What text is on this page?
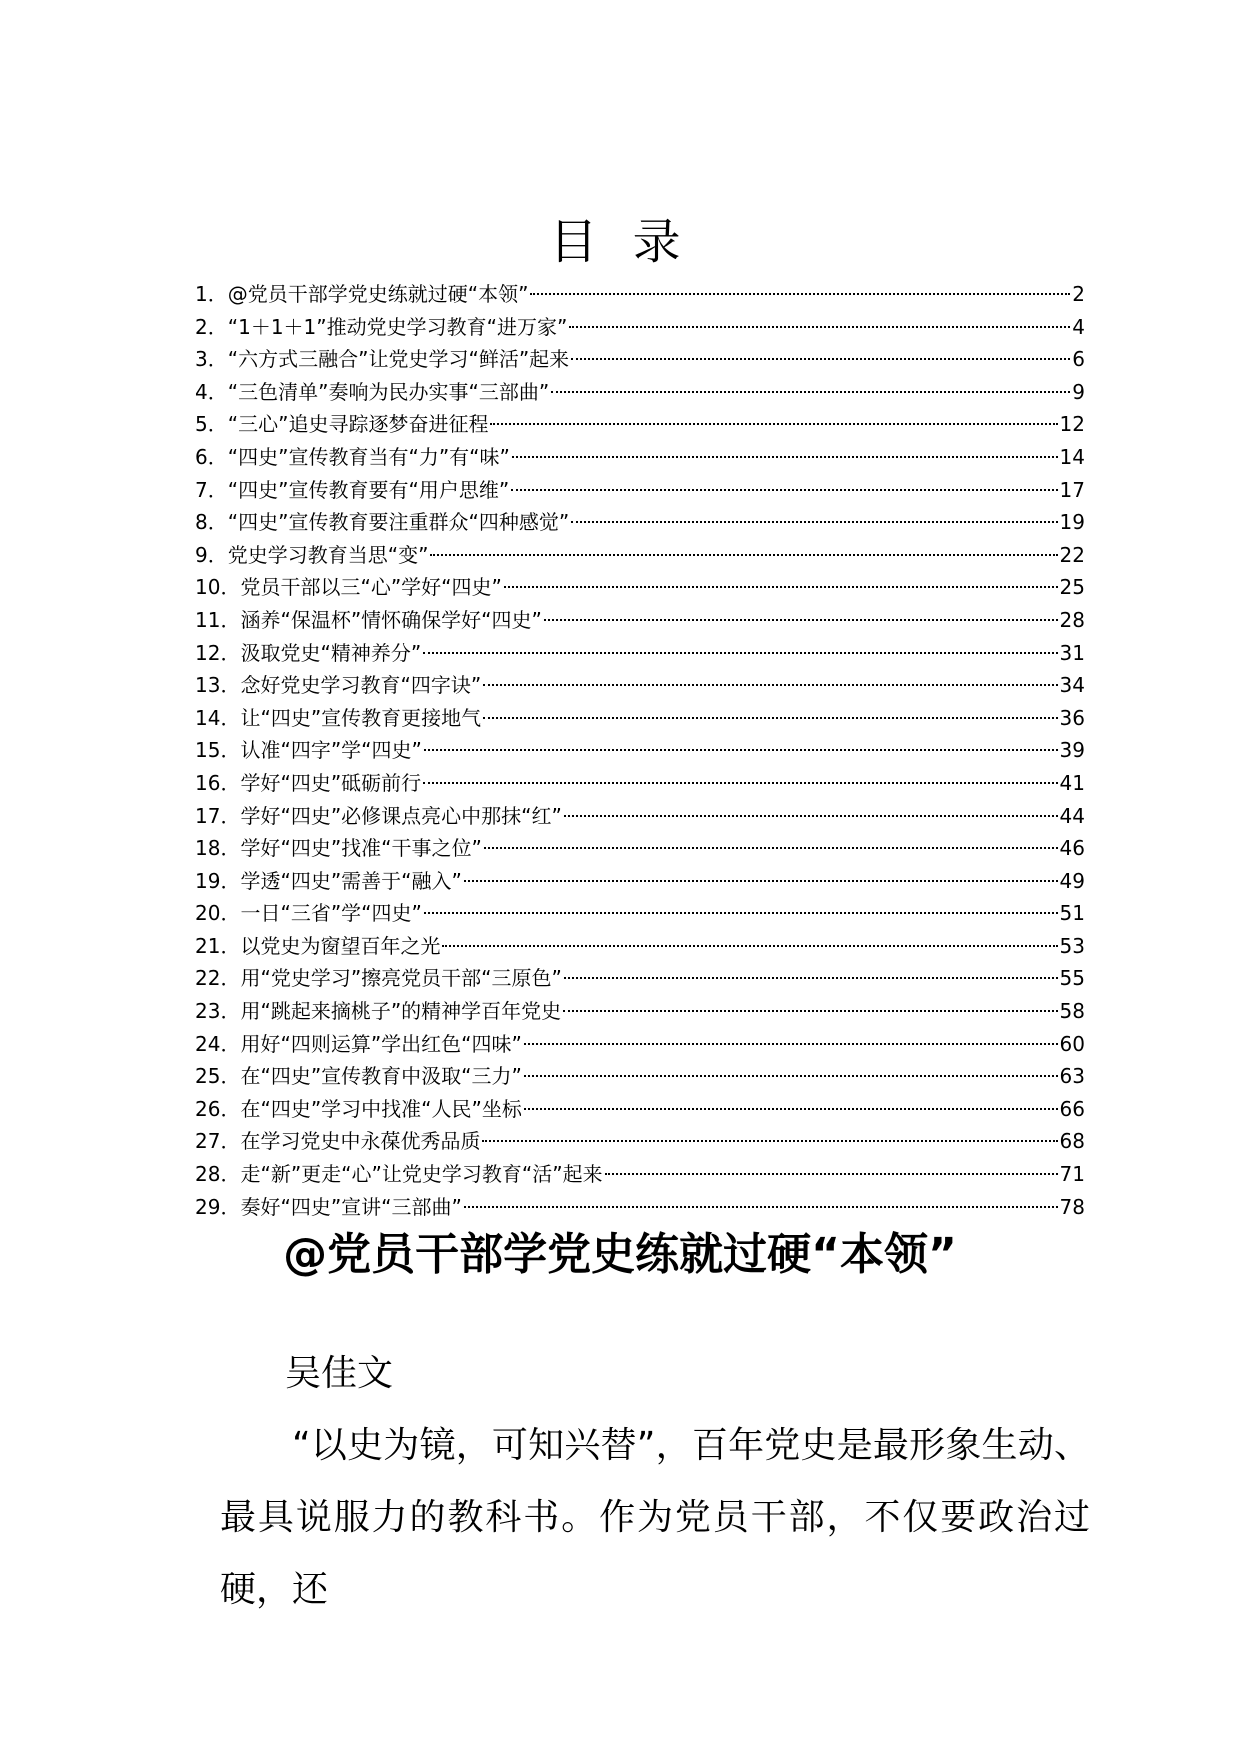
目 录
1． @党员干部学党史练就过硬“本领”	2
2． “1＋1＋1”推动党史学习教育“进万家”	4
3． “六方式三融合”让党史学习“鲜活”起来	6
4． “三色清单”奏响为民办实事“三部曲”	9
5． “三心”追史寻踪逐梦奋进征程	12
6． “四史”宣传教育当有“力”有“味”	14
7． “四史”宣传教育要有“用户思维”	17
8． “四史”宣传教育要注重群众“四种感觉”	19
9． 党史学习教育当思“变”	22
10． 党员干部以三“心”学好“四史”	25
11． 涵养“保温杯”情怀确保学好“四史”	28
12． 汲取党史“精神养分”	31
13． 念好党史学习教育“四字诀”	34
14． 让“四史”宣传教育更接地气	36
15． 认准“四字”学“四史”	39
16． 学好“四史”砥砺前行	41
17． 学好“四史”必修课点亮心中那抹“红”	44
18． 学好“四史”找准“干事之位”	46
19． 学透“四史”需善于“融入”	49
20． 一日“三省”学“四史”	51
21． 以党史为窗望百年之光	53
22． 用“党史学习”擦亮党员干部“三原色”	55
23． 用“跳起来摘桃子”的精神学百年党史	58
24． 用好“四则运算”学出红色“四味”	60
25． 在“四史”宣传教育中汲取“三力”	63
26． 在“四史”学习中找准“人民”坐标	66
27． 在学习党史中永葆优秀品质	68
28． 走“新”更走“心”让党史学习教育“活”起来	71
29． 奏好“四史”宣讲“三部曲”	78
@党员干部学党史练就过硬“本领”
吴佳文

“以史为镜，可知兴替”，百年党史是最形象生动、最具说服力的教科书。作为党员干部，不仅要政治过硬，还
